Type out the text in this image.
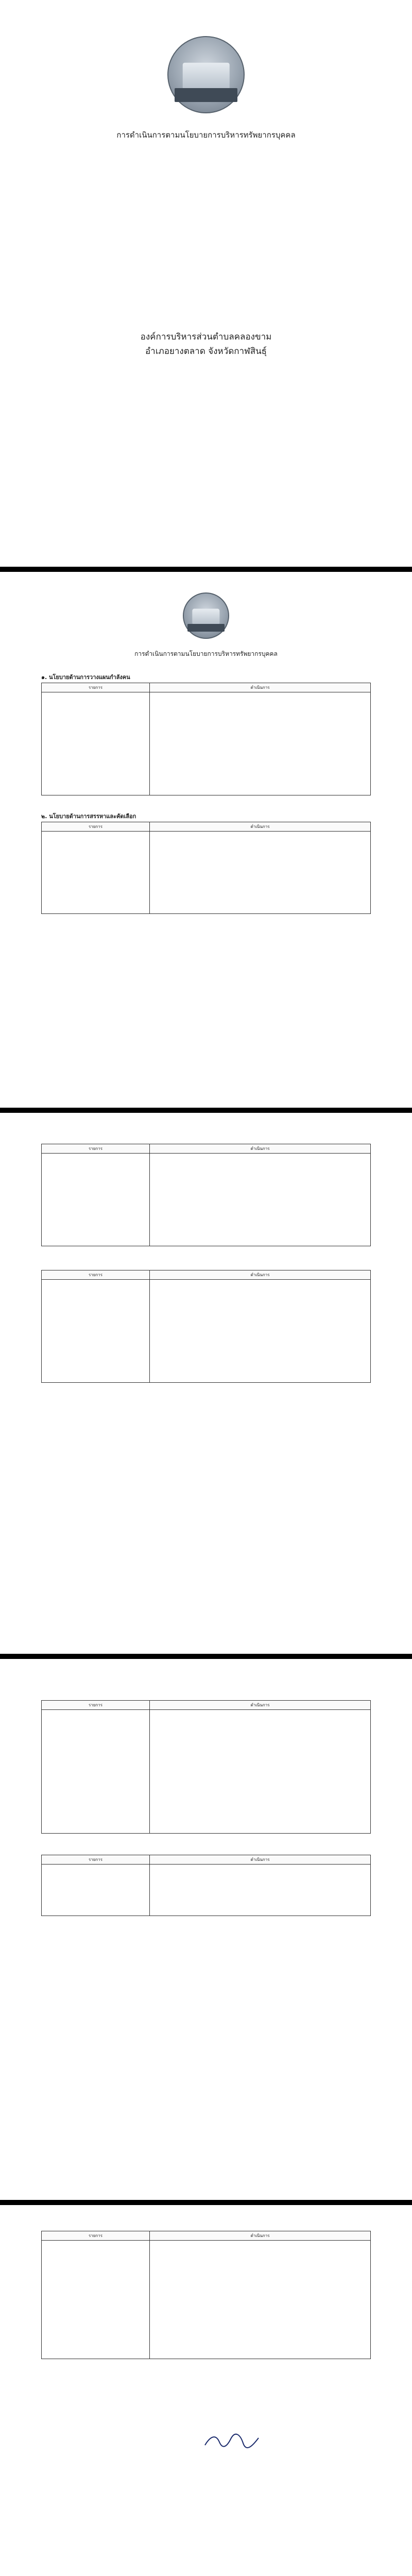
การดำเนินการตามนโยบายการบริหารทรัพยากรบุคคล
องค์การบริหารส่วนตำบลคลองขาม
อำเภอยางตลาด จังหวัดกาฬสินธุ์
การดำเนินการตามนโยบายการบริหารทรัพยากรบุคคล
๑. นโยบายด้านการวางแผนกำลังคน
รายการ	ดำเนินการ

๒. นโยบายด้านการสรรหาและคัดเลือก
รายการ	ดำเนินการ

รายการ	ดำเนินการ

รายการ	ดำเนินการ

รายการ	ดำเนินการ

รายการ	ดำเนินการ

รายการ	ดำเนินการ
